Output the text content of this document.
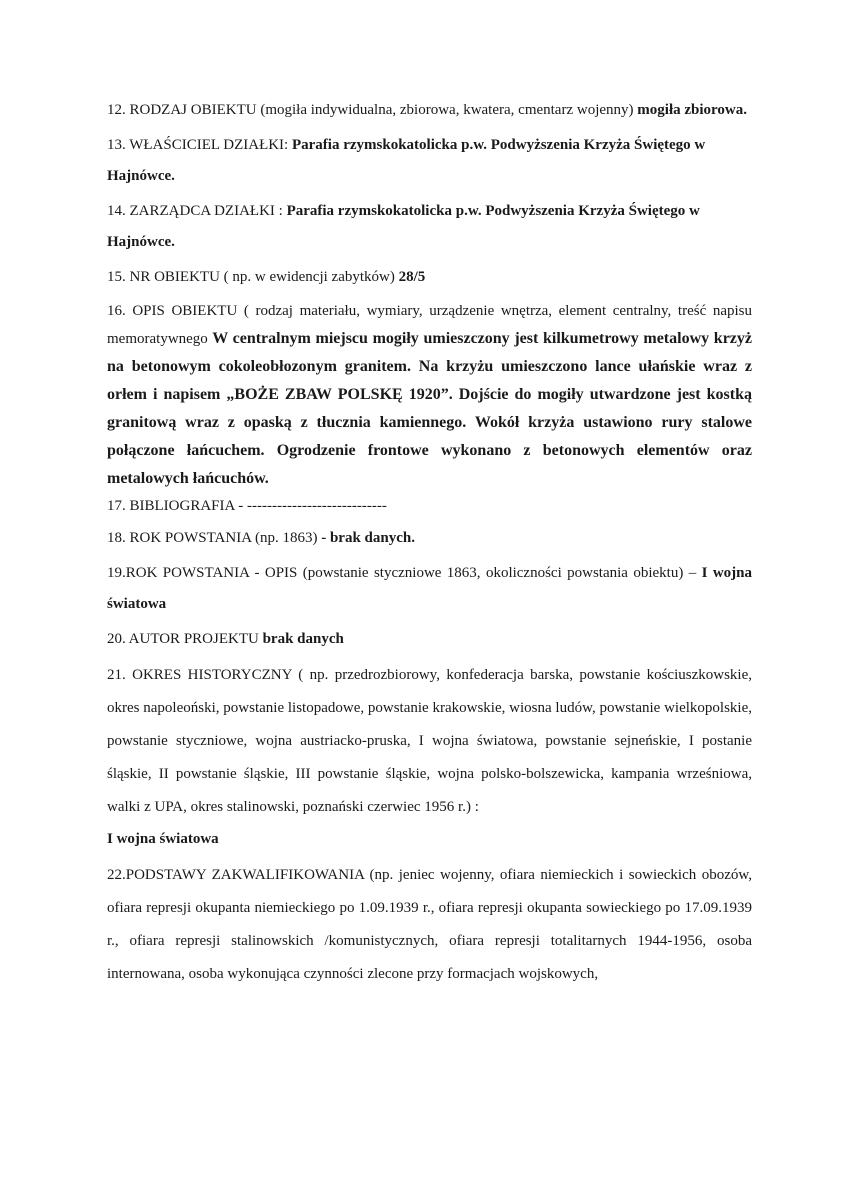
12. RODZAJ OBIEKTU (mogiła indywidualna, zbiorowa, kwatera, cmentarz wojenny) mogiła zbiorowa.

13. WŁAŚCICIEL DZIAŁKI: Parafia rzymskokatolicka p.w. Podwyższenia Krzyża Świętego w Hajnówce.

14. ZARZĄDCA DZIAŁKI : Parafia rzymskokatolicka p.w. Podwyższenia Krzyża Świętego w Hajnówce.

15. NR OBIEKTU ( np. w ewidencji zabytków) 28/5

16. OPIS OBIEKTU ( rodzaj materiału, wymiary, urządzenie wnętrza, element centralny, treść napisu memoratywnego W centralnym miejscu mogiły umieszczony jest kilkumetrowy metalowy krzyż na betonowym cokoleobłozonym granitem. Na krzyżu umieszczono lance ułańskie wraz z orłem i napisem „BOŻE ZBAW POLSKĘ 1920”. Dojście do mogiły utwardzone jest kostką granitową wraz z opaską z tłucznia kamiennego. Wokół krzyża ustawiono rury stalowe połączone łańcuchem. Ogrodzenie frontowe wykonano z betonowych elementów oraz metalowych łańcuchów.

17. BIBLIOGRAFIA - ----------------------------

18. ROK POWSTANIA (np. 1863) - brak danych.

19.ROK POWSTANIA - OPIS (powstanie styczniowe 1863, okoliczności powstania obiektu) – I wojna światowa

20. AUTOR PROJEKTU brak danych

21. OKRES HISTORYCZNY ( np. przedrozbiorowy, konfederacja barska, powstanie kościuszkowskie, okres napoleoński, powstanie listopadowe, powstanie krakowskie, wiosna ludów, powstanie wielkopolskie, powstanie styczniowe, wojna austriacko-pruska, I wojna światowa, powstanie sejneńskie, I postanie śląskie, II powstanie śląskie, III powstanie śląskie, wojna polsko-bolszewicka, kampania wrześniowa, walki z UPA, okres stalinowski, poznański czerwiec 1956 r.) :

I wojna światowa

22.PODSTAWY ZAKWALIFIKOWANIA (np. jeniec wojenny, ofiara niemieckich i sowieckich obozów, ofiara represji okupanta niemieckiego po 1.09.1939 r., ofiara represji okupanta sowieckiego po 17.09.1939 r., ofiara represji stalinowskich /komunistycznych, ofiara represji totalitarnych 1944-1956, osoba internowana, osoba wykonująca czynności zlecone przy formacjach wojskowych,
